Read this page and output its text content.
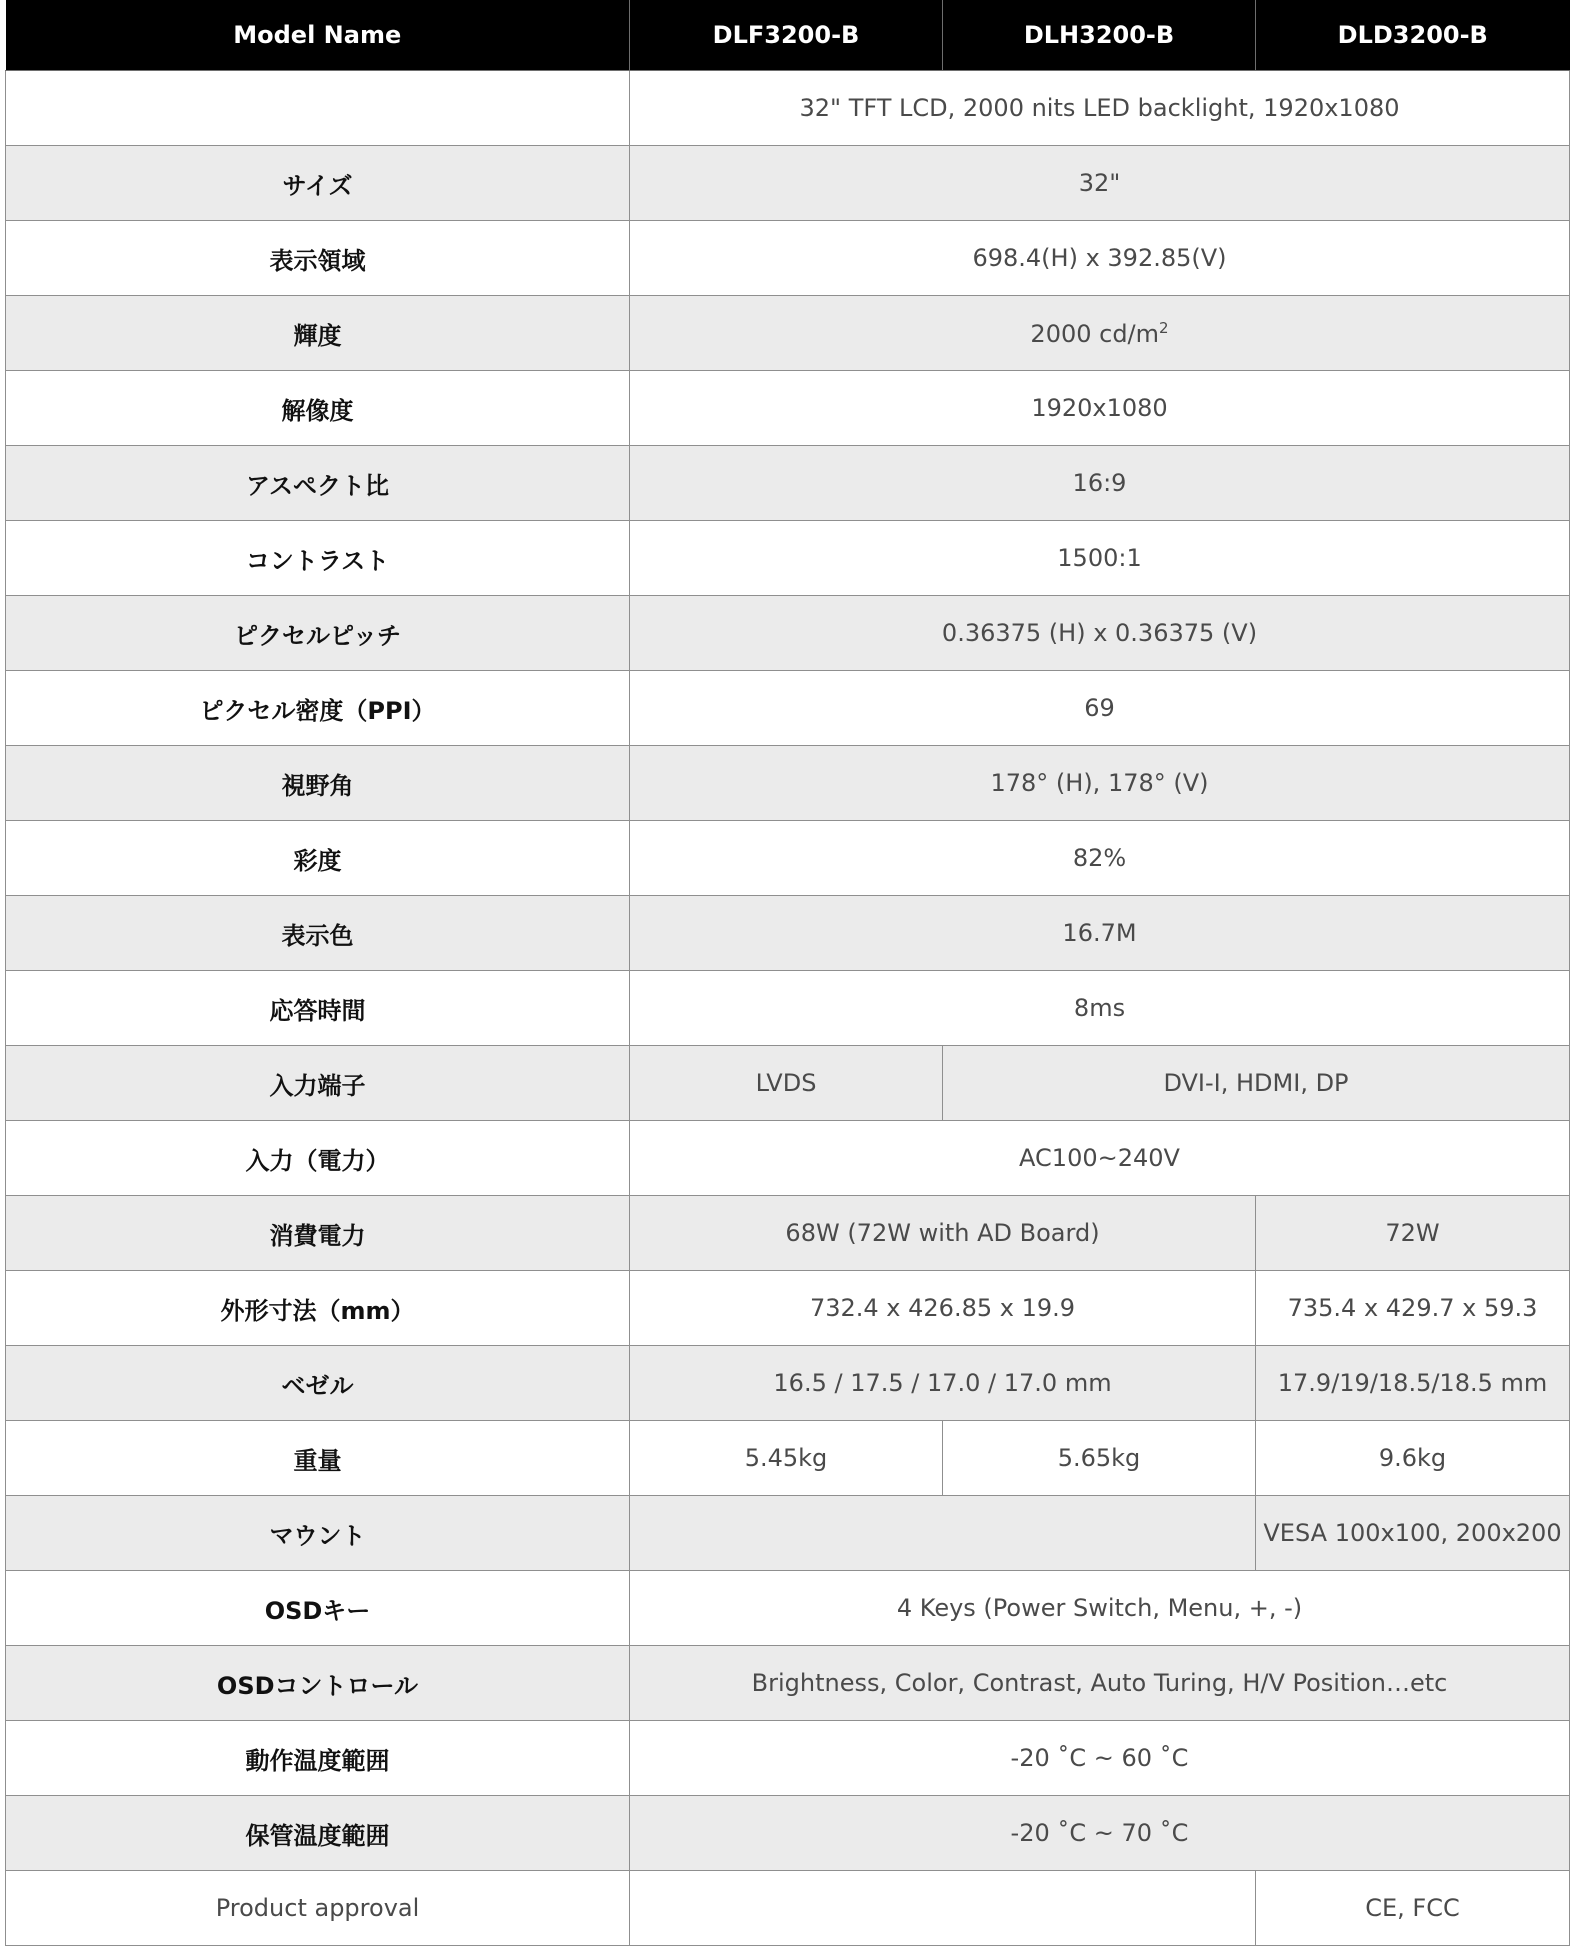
Model Name	DLF3200-B	DLH3200-B	DLD3200-B
	32" TFT LCD, 2000 nits LED backlight, 1920x1080		
サイズ	32"		
表示領域	698.4(H) x 392.85(V)		
輝度	2000 $cd/m^2$
解像度	1920x1080		
アスペクト比	16:9		
コントラスト	1500:1		
ピクセルピッチ	0.36375 (H) x 0.36375 (V)		
ピクセル密度（PPI）	69		
視野角	178° (H), 178° (V)		
彩度	82%		
表示色	16.7M		
応答時間	8ms		
入力端子	LVDS	DVI-I, HDMI, DP	
入力（電力）	AC100~240V		
消費電力	68W (72W with AD Board)		72W
外形寸法（mm）	732.4 x 426.85 x 19.9		735.4 x 429.7 x 59.3
ベゼル	16.5 / 17.5 / 17.0 / 17.0 mm		17.9/19/18.5/18.5 mm
重量	5.45kg	5.65kg	9.6kg
マウント			VESA 100x100, 200x200
OSDキー	4 Keys (Power Switch, Menu, +, -)		
OSDコントロール	Brightness, Color, Contrast, Auto Turing, H/V Position…etc		
動作温度範囲	-20 ˚C ~ 60 ˚C		
保管温度範囲	-20 ˚C ~ 70 ˚C		
Product approval			CE, FCC
